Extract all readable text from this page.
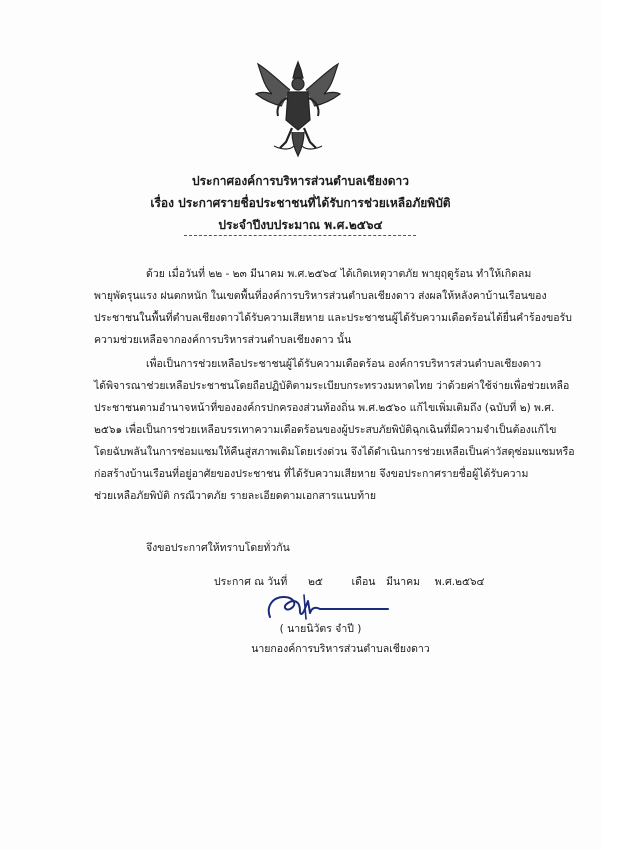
ประกาศองค์การบริหารส่วนตำบลเชียงดาว
เรื่อง ประกาศรายชื่อประชาชนที่ได้รับการช่วยเหลือภัยพิบัติ
ประจำปีงบประมาณ พ.ศ.๒๕๖๔
ด้วย เมื่อวันที่ ๒๒ - ๒๓ มีนาคม พ.ศ.๒๕๖๔ ได้เกิดเหตุวาตภัย พายุฤดูร้อน ทำให้เกิดลม
พายุพัดรุนแรง ฝนตกหนัก ในเขตพื้นที่องค์การบริหารส่วนตำบลเชียงดาว ส่งผลให้หลังคาบ้านเรือนของ
ประชาชนในพื้นที่ตำบลเชียงดาวได้รับความเสียหาย และประชาชนผู้ได้รับความเดือดร้อนได้ยื่นคำร้องขอรับ
ความช่วยเหลือจากองค์การบริหารส่วนตำบลเชียงดาว นั้น
เพื่อเป็นการช่วยเหลือประชาชนผู้ได้รับความเดือดร้อน องค์การบริหารส่วนตำบลเชียงดาว
ได้พิจารณาช่วยเหลือประชาชนโดยถือปฏิบัติตามระเบียบกระทรวงมหาดไทย ว่าด้วยค่าใช้จ่ายเพื่อช่วยเหลือ
ประชาชนตามอำนาจหน้าที่ขององค์กรปกครองส่วนท้องถิ่น พ.ศ.๒๕๖๐ แก้ไขเพิ่มเติมถึง (ฉบับที่ ๒) พ.ศ.
๒๕๖๑ เพื่อเป็นการช่วยเหลือบรรเทาความเดือดร้อนของผู้ประสบภัยพิบัติฉุกเฉินที่มีความจำเป็นต้องแก้ไข
โดยฉับพลันในการซ่อมแซมให้คืนสู่สภาพเดิมโดยเร่งด่วน จึงได้ดำเนินการช่วยเหลือเป็นค่าวัสดุซ่อมแซมหรือ
ก่อสร้างบ้านเรือนที่อยู่อาศัยของประชาชน ที่ได้รับความเสียหาย จึงขอประกาศรายชื่อผู้ได้รับความ
ช่วยเหลือภัยพิบัติ กรณีวาตภัย รายละเอียดตามเอกสารแนบท้าย
จึงขอประกาศให้ทราบโดยทั่วกัน
ประกาศ ณ วันที่ ๒๕	เดือน มีนาคม พ.ศ.๒๕๖๔
( นายนิวัตร จำปี )
นายกองค์การบริหารส่วนตำบลเชียงดาว
